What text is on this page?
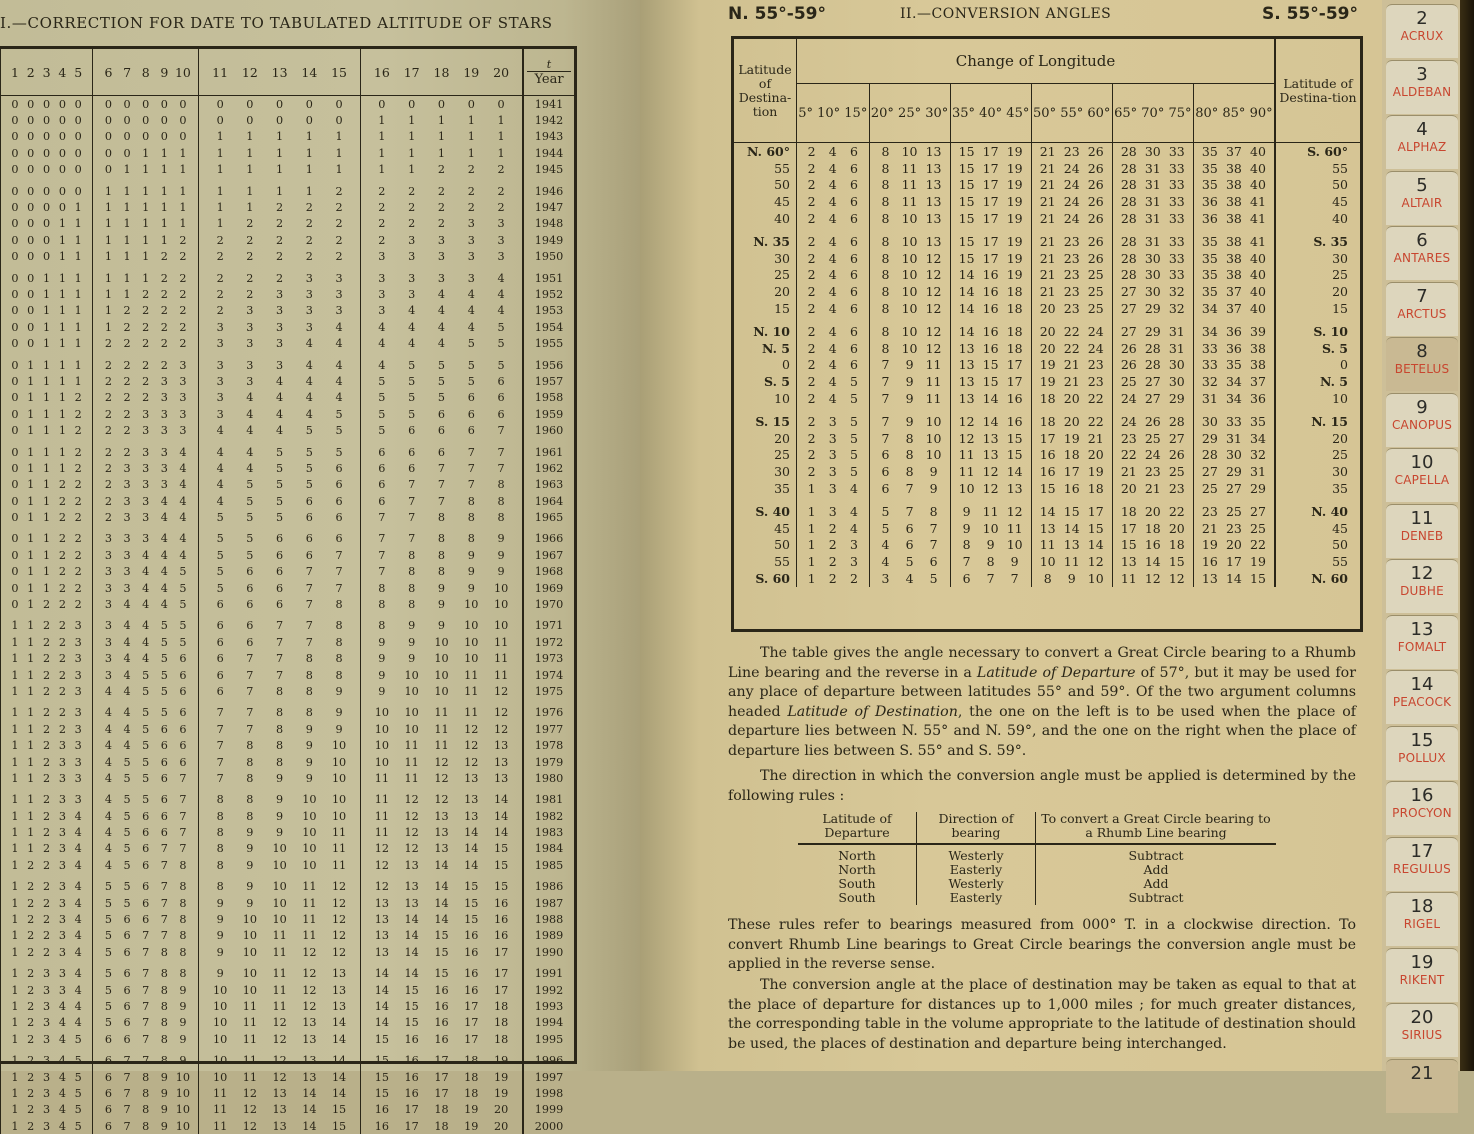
I.—CORRECTION FOR DATE TO TABULATED ALTITUDE OF STARS
1 2 3 4 5	6 7 8 9 10	11 12 13 14 15	16 17 18 19 20	t
Year

0 0 0 0 0	0 0 0 0 0	0 0 0 0 0	0 0 0 0 0	1941

0 0 0 0 0	0 0 0 0 0	0 0 0 0 0	1 1 1 1 1	1942

0 0 0 0 0	0 0 0 0 0	1 1 1 1 1	1 1 1 1 1	1943

0 0 0 0 0	0 0 1 1 1	1 1 1 1 1	1 1 1 1 1	1944

0 0 0 0 0	0 1 1 1 1	1 1 1 1 1	1 1 2 2 2	1945

0 0 0 0 0	1 1 1 1 1	1 1 1 1 2	2 2 2 2 2	1946

0 0 0 0 1	1 1 1 1 1	1 1 2 2 2	2 2 2 2 2	1947

0 0 0 1 1	1 1 1 1 1	1 2 2 2 2	2 2 2 3 3	1948

0 0 0 1 1	1 1 1 1 2	2 2 2 2 2	2 3 3 3 3	1949

0 0 0 1 1	1 1 1 2 2	2 2 2 2 2	3 3 3 3 3	1950

0 0 1 1 1	1 1 1 2 2	2 2 2 3 3	3 3 3 3 4	1951

0 0 1 1 1	1 1 2 2 2	2 2 3 3 3	3 3 4 4 4	1952

0 0 1 1 1	1 2 2 2 2	2 3 3 3 3	3 4 4 4 4	1953

0 0 1 1 1	1 2 2 2 2	3 3 3 3 4	4 4 4 4 5	1954

0 0 1 1 1	2 2 2 2 2	3 3 3 4 4	4 4 4 5 5	1955

0 1 1 1 1	2 2 2 2 3	3 3 3 4 4	4 5 5 5 5	1956

0 1 1 1 1	2 2 2 3 3	3 3 4 4 4	5 5 5 5 6	1957

0 1 1 1 2	2 2 2 3 3	3 4 4 4 4	5 5 5 6 6	1958

0 1 1 1 2	2 2 3 3 3	3 4 4 4 5	5 5 6 6 6	1959

0 1 1 1 2	2 2 3 3 3	4 4 4 5 5	5 6 6 6 7	1960

0 1 1 1 2	2 2 3 3 4	4 4 5 5 5	6 6 6 7 7	1961

0 1 1 1 2	2 3 3 3 4	4 4 5 5 6	6 6 7 7 7	1962

0 1 1 2 2	2 3 3 3 4	4 5 5 5 6	6 7 7 7 8	1963

0 1 1 2 2	2 3 3 4 4	4 5 5 6 6	6 7 7 8 8	1964

0 1 1 2 2	2 3 3 4 4	5 5 5 6 6	7 7 8 8 8	1965

0 1 1 2 2	3 3 3 4 4	5 5 6 6 6	7 7 8 8 9	1966

0 1 1 2 2	3 3 4 4 4	5 5 6 6 7	7 8 8 9 9	1967

0 1 1 2 2	3 3 4 4 5	5 6 6 7 7	7 8 8 9 9	1968

0 1 1 2 2	3 3 4 4 5	5 6 6 7 7	8 8 9 9 10	1969

0 1 2 2 2	3 4 4 4 5	6 6 6 7 8	8 8 9 10 10	1970

1 1 2 2 3	3 4 4 5 5	6 6 7 7 8	8 9 9 10 10	1971

1 1 2 2 3	3 4 4 5 5	6 6 7 7 8	9 9 10 10 11	1972

1 1 2 2 3	3 4 4 5 6	6 7 7 8 8	9 9 10 10 11	1973

1 1 2 2 3	3 4 5 5 6	6 7 7 8 8	9 10 10 11 11	1974

1 1 2 2 3	4 4 5 5 6	6 7 8 8 9	9 10 10 11 12	1975

1 1 2 2 3	4 4 5 5 6	7 7 8 8 9	10 10 11 11 12	1976

1 1 2 2 3	4 4 5 6 6	7 7 8 9 9	10 10 11 12 12	1977

1 1 2 3 3	4 4 5 6 6	7 8 8 9 10	10 11 11 12 13	1978

1 1 2 3 3	4 5 5 6 6	7 8 8 9 10	10 11 12 12 13	1979

1 1 2 3 3	4 5 5 6 7	7 8 9 9 10	11 11 12 13 13	1980

1 1 2 3 3	4 5 5 6 7	8 8 9 10 10	11 12 12 13 14	1981

1 1 2 3 4	4 5 6 6 7	8 8 9 10 10	11 12 13 13 14	1982

1 1 2 3 4	4 5 6 6 7	8 9 9 10 11	11 12 13 14 14	1983

1 1 2 3 4	4 5 6 7 7	8 9 10 10 11	12 12 13 14 15	1984

1 2 2 3 4	4 5 6 7 8	8 9 10 10 11	12 13 14 14 15	1985

1 2 2 3 4	5 5 6 7 8	8 9 10 11 12	12 13 14 15 15	1986

1 2 2 3 4	5 5 6 7 8	9 9 10 11 12	13 13 14 15 16	1987

1 2 2 3 4	5 6 6 7 8	9 10 10 11 12	13 14 14 15 16	1988

1 2 2 3 4	5 6 7 7 8	9 10 11 11 12	13 14 15 16 16	1989

1 2 2 3 4	5 6 7 8 8	9 10 11 12 12	13 14 15 16 17	1990

1 2 3 3 4	5 6 7 8 8	9 10 11 12 13	14 14 15 16 17	1991

1 2 3 3 4	5 6 7 8 9	10 10 11 12 13	14 15 16 16 17	1992

1 2 3 4 4	5 6 7 8 9	10 11 11 12 13	14 15 16 17 18	1993

1 2 3 4 4	5 6 7 8 9	10 11 12 13 14	14 15 16 17 18	1994

1 2 3 4 5	6 6 7 8 9	10 11 12 13 14	15 16 16 17 18	1995

1 2 3 4 5	6 7 7 8 9	10 11 12 13 14	15 16 17 18 19	1996

1 2 3 4 5	6 7 8 9 10	10 11 12 13 14	15 16 17 18 19	1997

1 2 3 4 5	6 7 8 9 10	11 12 13 14 14	15 16 17 18 19	1998

1 2 3 4 5	6 7 8 9 10	11 12 13 14 15	16 17 18 19 20	1999

1 2 3 4 5	6 7 8 9 10	11 12 13 14 15	16 17 18 19 20	2000
N. 55°-59°	II.—CONVERSION ANGLES	S. 55°-59°
Latitude of Destina-tion	Change of Longitude						Latitude of Destina-tion
	5° 10° 15°	20° 25° 30°	35° 40° 45°	50° 55° 60°	65° 70° 75°	80° 85° 90°	
N. 60°	2 4 6	8 10 13	15 17 19	21 23 26	28 30 33	35 37 40	S. 60°
55	2 4 6	8 11 13	15 17 19	21 24 26	28 31 33	35 38 40	55
50	2 4 6	8 11 13	15 17 19	21 24 26	28 31 33	35 38 40	50
45	2 4 6	8 11 13	15 17 19	21 24 26	28 31 33	36 38 41	45
40	2 4 6	8 10 13	15 17 19	21 24 26	28 31 33	36 38 41	40
N. 35	2 4 6	8 10 13	15 17 19	21 23 26	28 31 33	35 38 41	S. 35
30	2 4 6	8 10 12	15 17 19	21 23 26	28 30 33	35 38 40	30
25	2 4 6	8 10 12	14 16 19	21 23 25	28 30 33	35 38 40	25
20	2 4 6	8 10 12	14 16 18	21 23 25	27 30 32	35 37 40	20
15	2 4 6	8 10 12	14 16 18	20 23 25	27 29 32	34 37 40	15
N. 10	2 4 6	8 10 12	14 16 18	20 22 24	27 29 31	34 36 39	S. 10
N. 5	2 4 6	8 10 12	13 16 18	20 22 24	26 28 31	33 36 38	S. 5
0	2 4 6	7 9 11	13 15 17	19 21 23	26 28 30	33 35 38	0
S. 5	2 4 5	7 9 11	13 15 17	19 21 23	25 27 30	32 34 37	N. 5
10	2 4 5	7 9 11	13 14 16	18 20 22	24 27 29	31 34 36	10
S. 15	2 3 5	7 9 10	12 14 16	18 20 22	24 26 28	30 33 35	N. 15
20	2 3 5	7 8 10	12 13 15	17 19 21	23 25 27	29 31 34	20
25	2 3 5	6 8 10	11 13 15	16 18 20	22 24 26	28 30 32	25
30	2 3 5	6 8 9	11 12 14	16 17 19	21 23 25	27 29 31	30
35	1 3 4	6 7 9	10 12 13	15 16 18	20 21 23	25 27 29	35
S. 40	1 3 4	5 7 8	9 11 12	14 15 17	18 20 22	23 25 27	N. 40
45	1 2 4	5 6 7	9 10 11	13 14 15	17 18 20	21 23 25	45
50	1 2 3	4 6 7	8 9 10	11 13 14	15 16 18	19 20 22	50
55	1 2 3	4 5 6	7 8 9	10 11 12	13 14 15	16 17 19	55
S. 60	1 2 2	3 4 5	6 7 7	8 9 10	11 12 12	13 14 15	N. 60
The table gives the angle necessary to convert a Great Circle bearing to a Rhumb Line bearing and the reverse in a Latitude of Departure of 57°, but it may be used for any place of departure between latitudes 55° and 59°. Of the two argument columns headed Latitude of Destination, the one on the left is to be used when the place of departure lies between N. 55° and N. 59°, and the one on the right when the place of departure lies between S. 55° and S. 59°.
The direction in which the conversion angle must be applied is determined by the following rules :
Latitude of Departure	Direction of bearing	To convert a Great Circle bearing to a Rhumb Line bearing
North	Westerly	Subtract
North	Easterly	Add
South	Westerly	Add
South	Easterly	Subtract
These rules refer to bearings measured from 000° T. in a clockwise direction. To convert Rhumb Line bearings to Great Circle bearings the conversion angle must be applied in the reverse sense.
The conversion angle at the place of destination may be taken as equal to that at the place of departure for distances up to 1,000 miles ; for much greater distances, the corresponding table in the volume appropriate to the latitude of destination should be used, the places of destination and departure being interchanged.
2
ACRUX
3
ALDEBAN
4
ALPHAZ
5
ALTAIR
6
ANTARES
7
ARCTUS
8
BETELUS
9
CANOPUS
10
CAPELLA
11
DENEB
12
DUBHE
13
FOMALT
14
PEACOCK
15
POLLUX
16
PROCYON
17
REGULUS
18
RIGEL
19
RIKENT
20
SIRIUS
21
